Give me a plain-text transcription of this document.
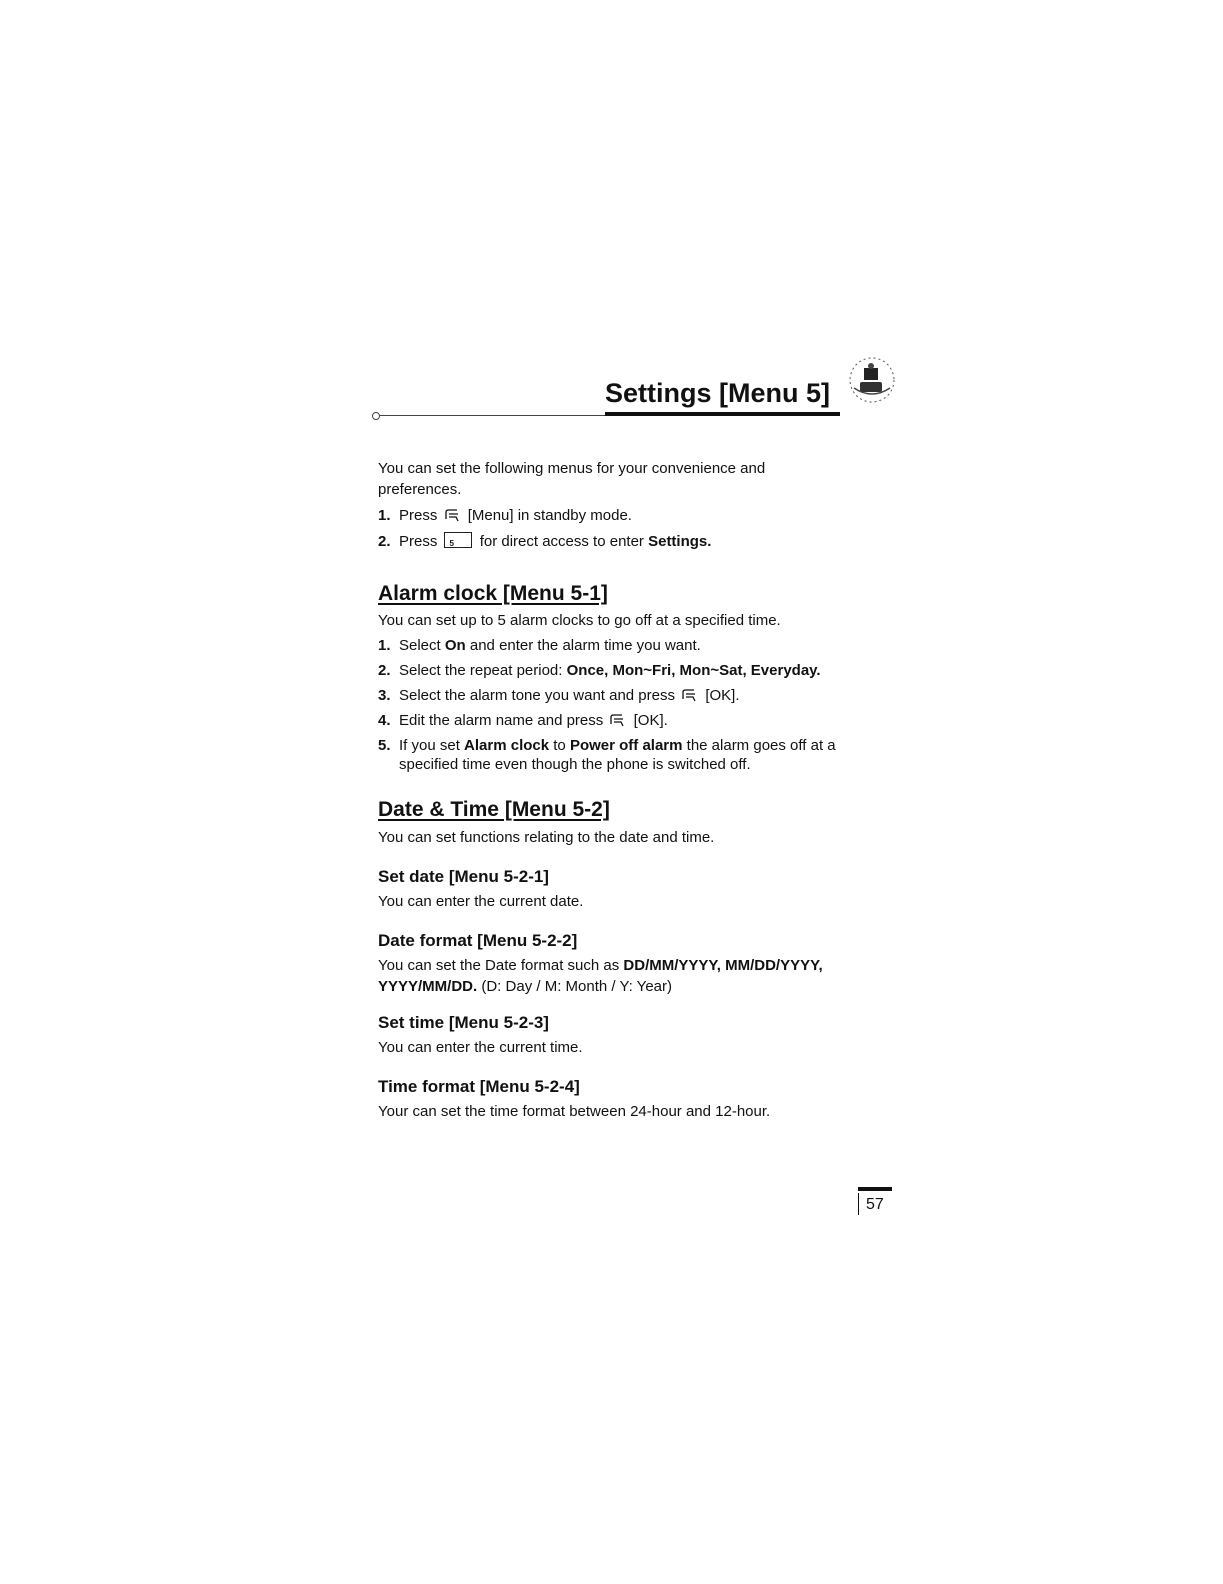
Settings [Menu 5]

You can set the following menus for your convenience and preferences.

1. Press [Menu] in standby mode.
2. Press 5 for direct access to enter Settings.
Alarm clock [Menu 5-1]

You can set up to 5 alarm clocks to go off at a specified time.

1. Select On and enter the alarm time you want.
2. Select the repeat period: Once, Mon~Fri, Mon~Sat, Everyday.
3. Select the alarm tone you want and press [OK].
4. Edit the alarm name and press [OK].
5. If you set Alarm clock to Power off alarm the alarm goes off at a specified time even though the phone is switched off.
Date & Time [Menu 5-2]

You can set functions relating to the date and time.

Set date [Menu 5-2-1]

You can enter the current date.

Date format [Menu 5-2-2]

You can set the Date format such as DD/MM/YYYY, MM/DD/YYYY, YYYY/MM/DD. (D: Day / M: Month / Y: Year)

Set time [Menu 5-2-3]

You can enter the current time.

Time format [Menu 5-2-4]

Your can set the time format between 24-hour and 12-hour.

57
